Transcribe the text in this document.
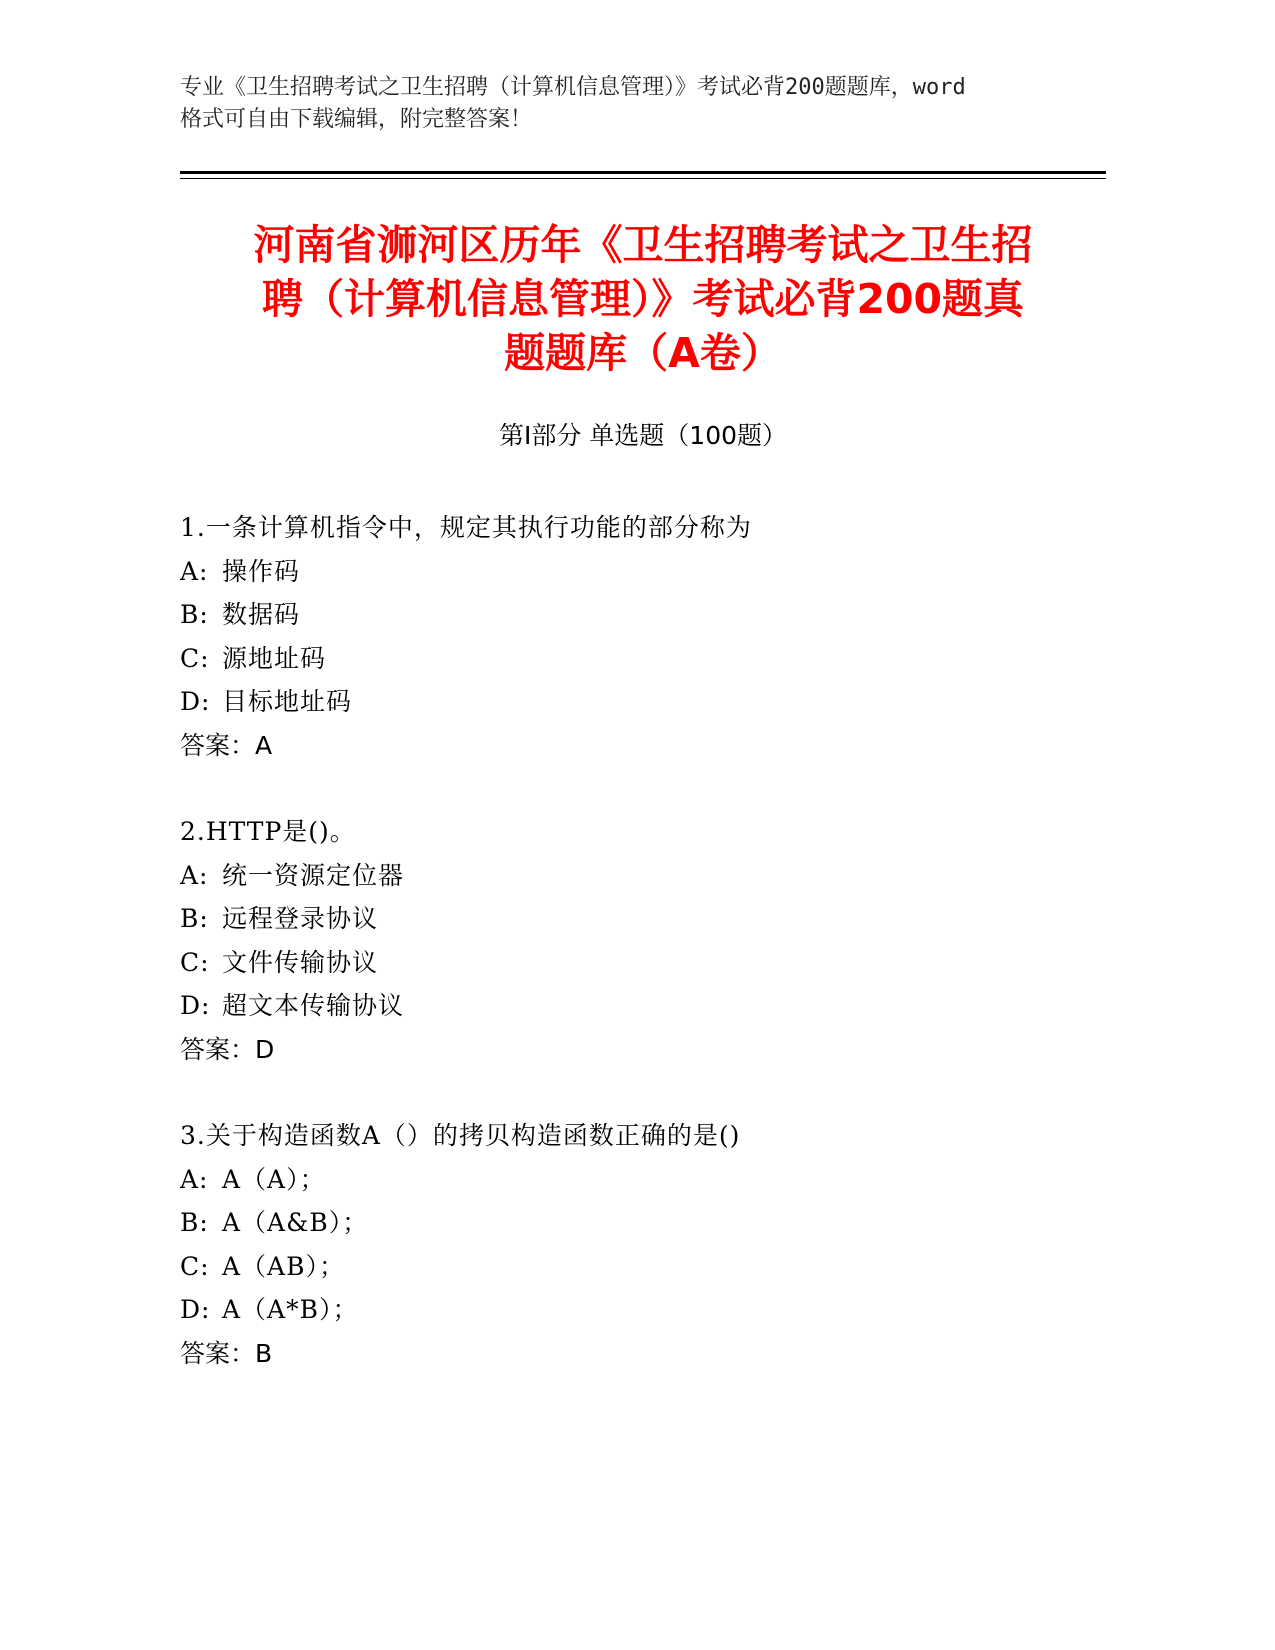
专业《卫生招聘考试之卫生招聘（计算机信息管理）》考试必背200题题库，word
格式可自由下载编辑，附完整答案！
河南省浉河区历年《卫生招聘考试之卫生招
聘（计算机信息管理）》考试必背200题真
题题库（A卷）
第I部分 单选题（100题）
1.一条计算机指令中，规定其执行功能的部分称为
A: 操作码
B: 数据码
C: 源地址码
D: 目标地址码
答案：A
2.HTTP是()。
A: 统一资源定位器
B: 远程登录协议
C: 文件传输协议
D: 超文本传输协议
答案：D
3.关于构造函数A（）的拷贝构造函数正确的是()
A: A（A）；
B: A（A&B）；
C: A（AB）；
D: A（A*B）；
答案：B
